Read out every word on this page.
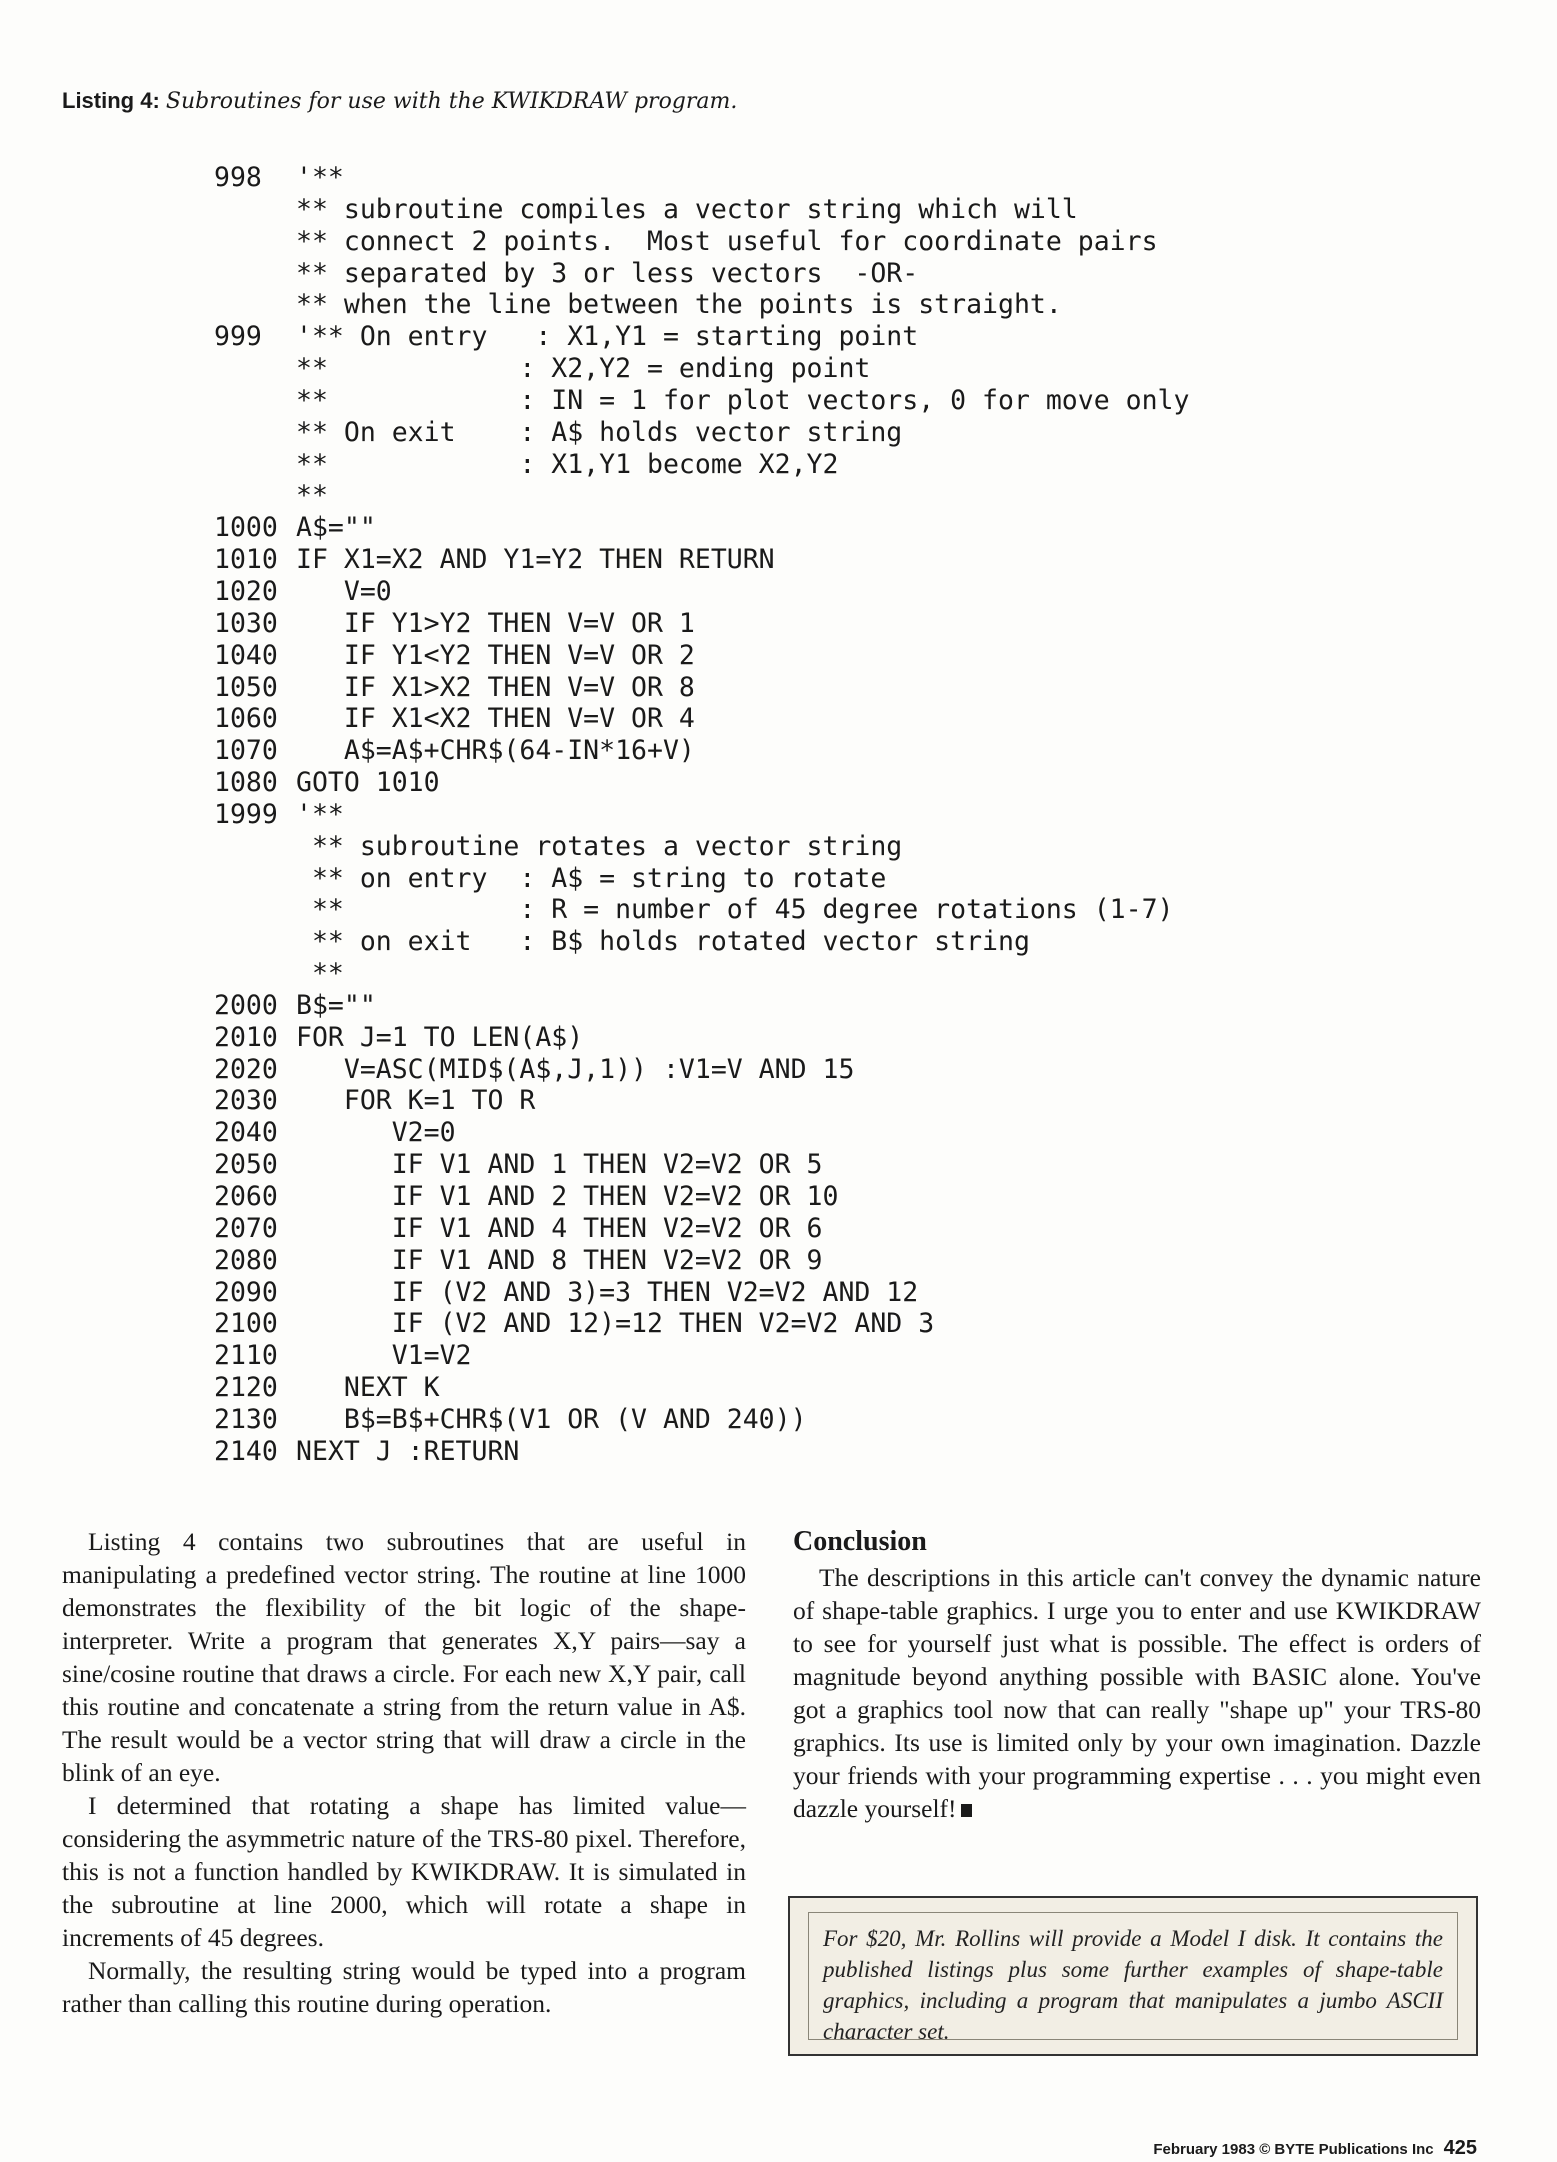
Listing 4: Subroutines for use with the KWIKDRAW program.
998 '**
** subroutine compiles a vector string which will
** connect 2 points.  Most useful for coordinate pairs
** separated by 3 or less vectors  -OR-
** when the line between the points is straight.
999 '** On entry   : X1,Y1 = starting point
**            : X2,Y2 = ending point
**            : IN = 1 for plot vectors, 0 for move only
** On exit    : A$ holds vector string
**            : X1,Y1 become X2,Y2
**
1000 A$=""
1010 IF X1=X2 AND Y1=Y2 THEN RETURN
1020   V=0
1030   IF Y1>Y2 THEN V=V OR 1
1040   IF Y1<Y2 THEN V=V OR 2
1050   IF X1>X2 THEN V=V OR 8
1060   IF X1<X2 THEN V=V OR 4
1070   A$=A$+CHR$(64-IN*16+V)
1080 GOTO 1010
1999 '**
** subroutine rotates a vector string
** on entry  : A$ = string to rotate
**           : R = number of 45 degree rotations (1-7)
** on exit   : B$ holds rotated vector string
**
2000 B$=""
2010 FOR J=1 TO LEN(A$)
2020   V=ASC(MID$(A$,J,1)) :V1=V AND 15
2030   FOR K=1 TO R
2040      V2=0
2050      IF V1 AND 1 THEN V2=V2 OR 5
2060      IF V1 AND 2 THEN V2=V2 OR 10
2070      IF V1 AND 4 THEN V2=V2 OR 6
2080      IF V1 AND 8 THEN V2=V2 OR 9
2090      IF (V2 AND 3)=3 THEN V2=V2 AND 12
2100      IF (V2 AND 12)=12 THEN V2=V2 AND 3
2110      V1=V2
2120   NEXT K
2130   B$=B$+CHR$(V1 OR (V AND 240))
2140 NEXT J :RETURN

Listing 4 contains two subroutines that are useful in manipulating a predefined vector string. The routine at line 1000 demonstrates the flexibility of the bit logic of the shape-interpreter. Write a program that generates X,Y pairs—say a sine/cosine routine that draws a circle. For each new X,Y pair, call this routine and concatenate a string from the return value in A$. The result would be a vector string that will draw a circle in the blink of an eye.

I determined that rotating a shape has limited value—considering the asymmetric nature of the TRS-80 pixel. Therefore, this is not a function handled by KWIKDRAW. It is simulated in the subroutine at line 2000, which will rotate a shape in increments of 45 degrees.

Normally, the resulting string would be typed into a program rather than calling this routine during operation.

Conclusion

The descriptions in this article can't convey the dynamic nature of shape-table graphics. I urge you to enter and use KWIKDRAW to see for yourself just what is possible. The effect is orders of magnitude beyond anything possible with BASIC alone. You've got a graphics tool now that can really "shape up" your TRS-80 graphics. Its use is limited only by your own imagination. Dazzle your friends with your programming expertise . . . you might even dazzle yourself!

For $20, Mr. Rollins will provide a Model I disk. It contains the published listings plus some further examples of shape-table graphics, including a program that manipulates a jumbo ASCII character set.
February 1983 © BYTE Publications Inc 425
